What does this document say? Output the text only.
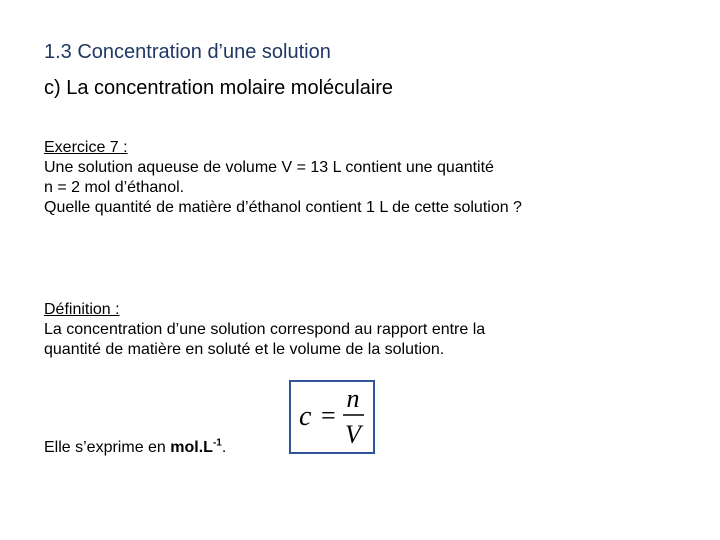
1.3 Concentration d’une solution
c) La concentration molaire moléculaire
Exercice 7 :
Une solution aqueuse de volume V = 13 L contient une quantité
n = 2 mol d’éthanol.
Quelle quantité de matière d’éthanol contient 1 L de cette solution ?
Définition :
La concentration d’une solution correspond au rapport entre la
quantité de matière en soluté et le volume de la solution.
c =
n
V
Elle s’exprime en $mol.L^{-1}$.
